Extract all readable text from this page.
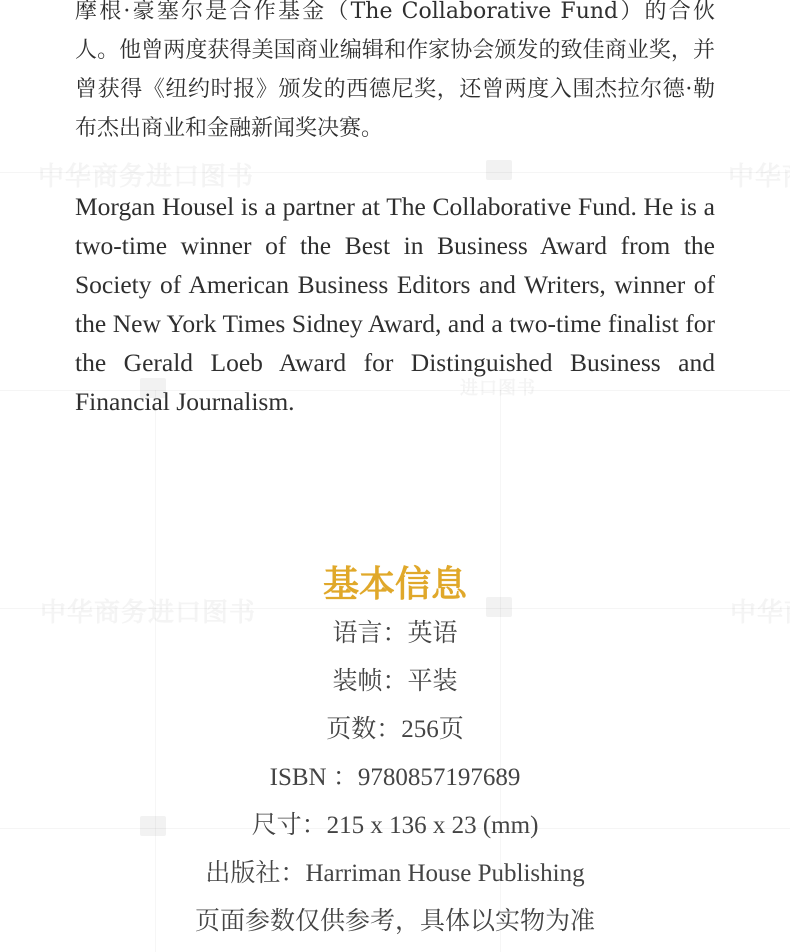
摩根·豪塞尔是合作基金（The Collaborative Fund）的合伙人。他曾两度获得美国商业编辑和作家协会颁发的致佳商业奖，并曾获得《纽约时报》颁发的西德尼奖，还曾两度入围杰拉尔德·勒布杰出商业和金融新闻奖决赛。

Morgan Housel is a partner at The Collaborative Fund. He is a two-time winner of the Best in Business Award from the Society of American Business Editors and Writers, winner of the New York Times Sidney Award, and a two-time finalist for the Gerald Loeb Award for Distinguished Business and Financial Journalism.

基本信息
语言：英语
装帧：平装
页数：256页
ISBN ：9780857197689
尺寸：215 x 136 x 23 (mm)
出版社：Harriman House Publishing
页面参数仅供参考，具体以实物为准
